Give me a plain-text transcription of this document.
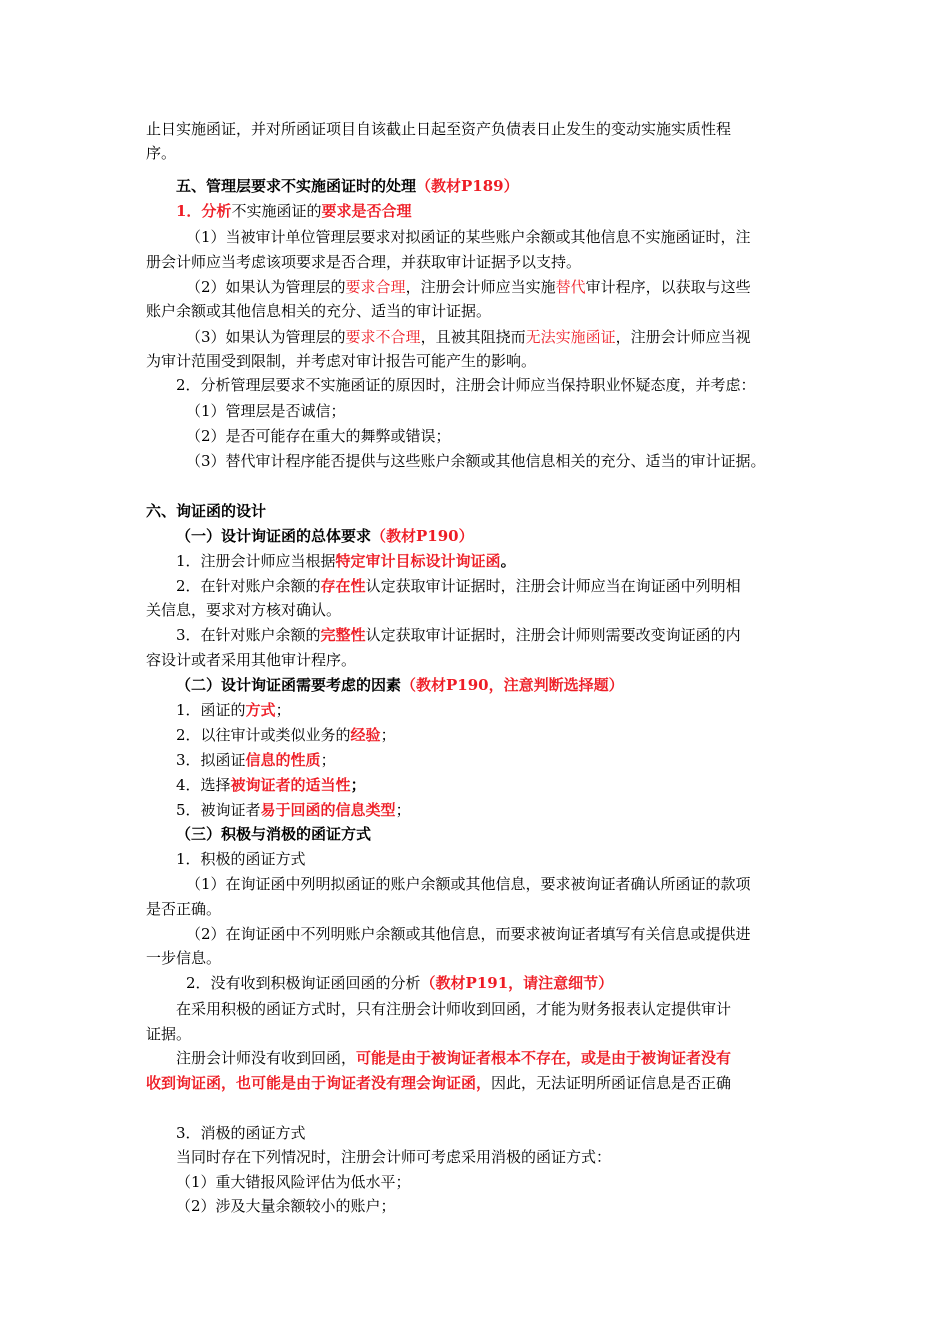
止日实施函证，并对所函证项目自该截止日起至资产负债表日止发生的变动实施实质性程
序。
五、管理层要求不实施函证时的处理（教材P189）
1．分析不实施函证的要求是否合理
（1）当被审计单位管理层要求对拟函证的某些账户余额或其他信息不实施函证时，注
册会计师应当考虑该项要求是否合理，并获取审计证据予以支持。
（2）如果认为管理层的要求合理，注册会计师应当实施替代审计程序，以获取与这些
账户余额或其他信息相关的充分、适当的审计证据。
（3）如果认为管理层的要求不合理，且被其阻挠而无法实施函证，注册会计师应当视
为审计范围受到限制，并考虑对审计报告可能产生的影响。
2．分析管理层要求不实施函证的原因时，注册会计师应当保持职业怀疑态度，并考虑：
（1）管理层是否诚信；
（2）是否可能存在重大的舞弊或错误；
（3）替代审计程序能否提供与这些账户余额或其他信息相关的充分、适当的审计证据。
六、询证函的设计
（一）设计询证函的总体要求（教材P190）
1．注册会计师应当根据特定审计目标设计询证函。
2．在针对账户余额的存在性认定获取审计证据时，注册会计师应当在询证函中列明相
关信息，要求对方核对确认。
3．在针对账户余额的完整性认定获取审计证据时，注册会计师则需要改变询证函的内
容设计或者采用其他审计程序。
（二）设计询证函需要考虑的因素（教材P190，注意判断选择题）
1．函证的方式；
2．以往审计或类似业务的经验；
3．拟函证信息的性质；
4．选择被询证者的适当性；
5．被询证者易于回函的信息类型；
（三）积极与消极的函证方式
1．积极的函证方式
（1）在询证函中列明拟函证的账户余额或其他信息，要求被询证者确认所函证的款项
是否正确。
（2）在询证函中不列明账户余额或其他信息，而要求被询证者填写有关信息或提供进
一步信息。
2．没有收到积极询证函回函的分析（教材P191，请注意细节）
在采用积极的函证方式时，只有注册会计师收到回函，才能为财务报表认定提供审计
证据。
注册会计师没有收到回函，可能是由于被询证者根本不存在，或是由于被询证者没有
收到询证函，也可能是由于询证者没有理会询证函，因此，无法证明所函证信息是否正确
3．消极的函证方式
当同时存在下列情况时，注册会计师可考虑采用消极的函证方式：
（1）重大错报风险评估为低水平；
（2）涉及大量余额较小的账户；
